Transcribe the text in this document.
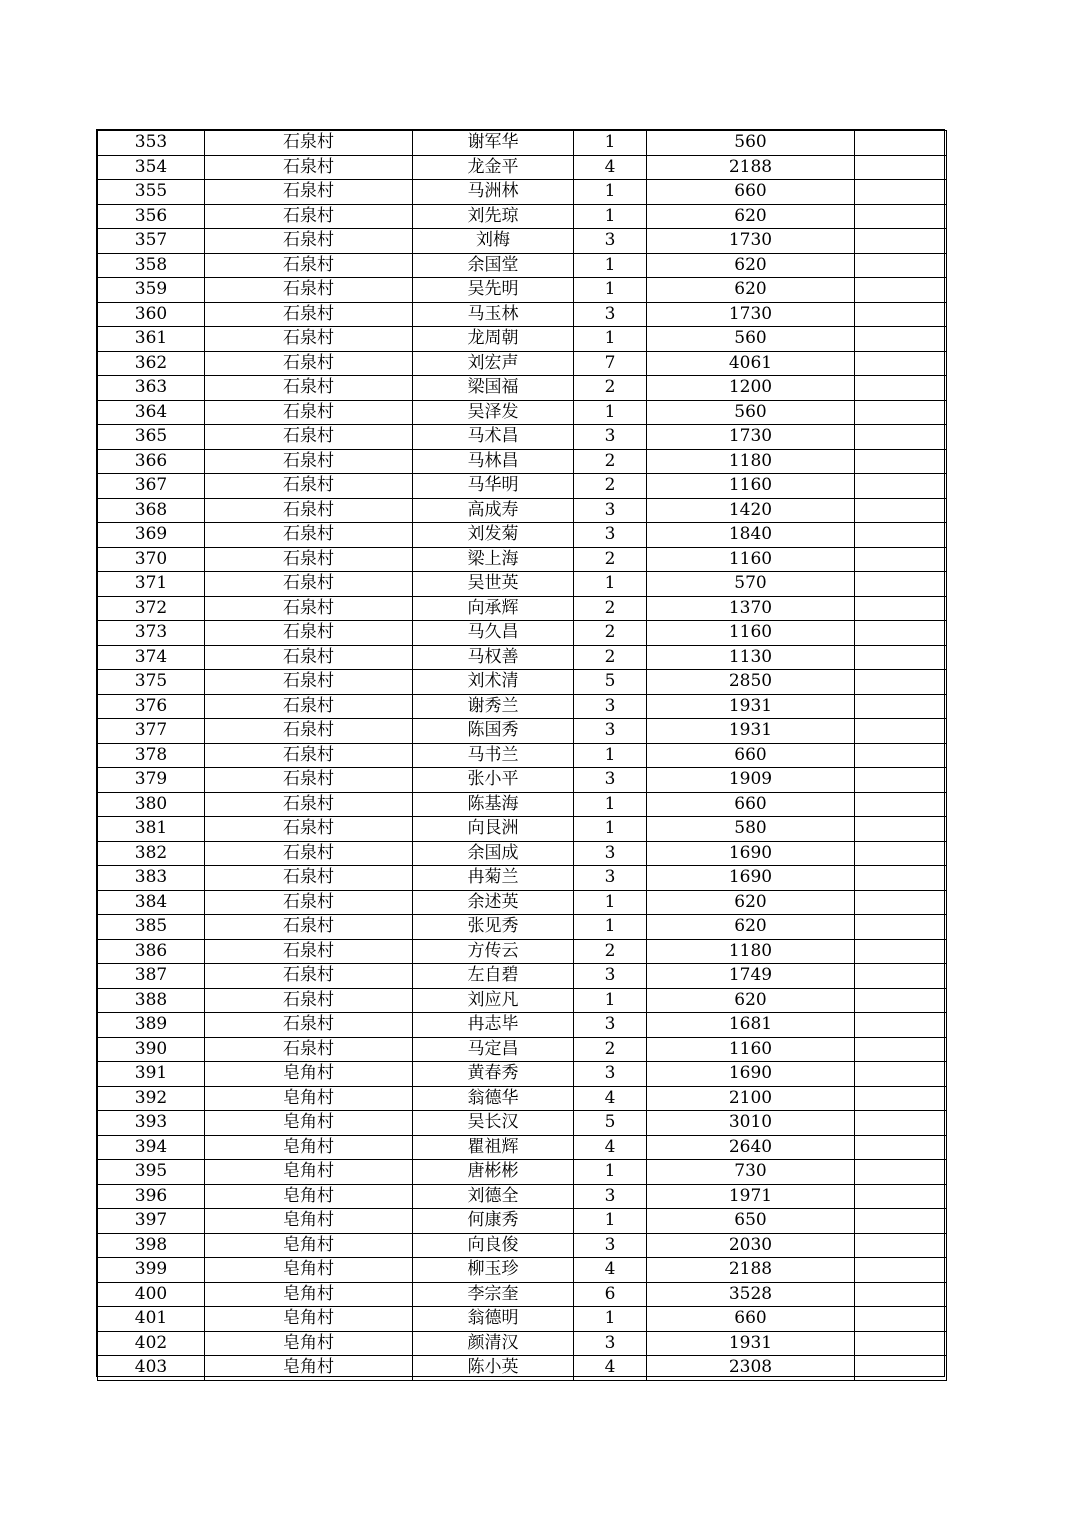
353	石泉村	谢军华	1	560	
354	石泉村	龙金平	4	2188	
355	石泉村	马洲林	1	660	
356	石泉村	刘先琼	1	620	
357	石泉村	刘梅	3	1730	
358	石泉村	余国堂	1	620	
359	石泉村	吴先明	1	620	
360	石泉村	马玉林	3	1730	
361	石泉村	龙周朝	1	560	
362	石泉村	刘宏声	7	4061	
363	石泉村	梁国福	2	1200	
364	石泉村	吴泽发	1	560	
365	石泉村	马术昌	3	1730	
366	石泉村	马林昌	2	1180	
367	石泉村	马华明	2	1160	
368	石泉村	高成寿	3	1420	
369	石泉村	刘发菊	3	1840	
370	石泉村	梁上海	2	1160	
371	石泉村	吴世英	1	570	
372	石泉村	向承辉	2	1370	
373	石泉村	马久昌	2	1160	
374	石泉村	马权善	2	1130	
375	石泉村	刘术清	5	2850	
376	石泉村	谢秀兰	3	1931	
377	石泉村	陈国秀	3	1931	
378	石泉村	马书兰	1	660	
379	石泉村	张小平	3	1909	
380	石泉村	陈基海	1	660	
381	石泉村	向艮洲	1	580	
382	石泉村	余国成	3	1690	
383	石泉村	冉菊兰	3	1690	
384	石泉村	余述英	1	620	
385	石泉村	张见秀	1	620	
386	石泉村	方传云	2	1180	
387	石泉村	左自碧	3	1749	
388	石泉村	刘应凡	1	620	
389	石泉村	冉志毕	3	1681	
390	石泉村	马定昌	2	1160	
391	皂角村	黄春秀	3	1690	
392	皂角村	翁德华	4	2100	
393	皂角村	吴长汉	5	3010	
394	皂角村	瞿祖辉	4	2640	
395	皂角村	唐彬彬	1	730	
396	皂角村	刘德全	3	1971	
397	皂角村	何康秀	1	650	
398	皂角村	向良俊	3	2030	
399	皂角村	柳玉珍	4	2188	
400	皂角村	李宗奎	6	3528	
401	皂角村	翁德明	1	660	
402	皂角村	颜清汉	3	1931	
403	皂角村	陈小英	4	2308	
